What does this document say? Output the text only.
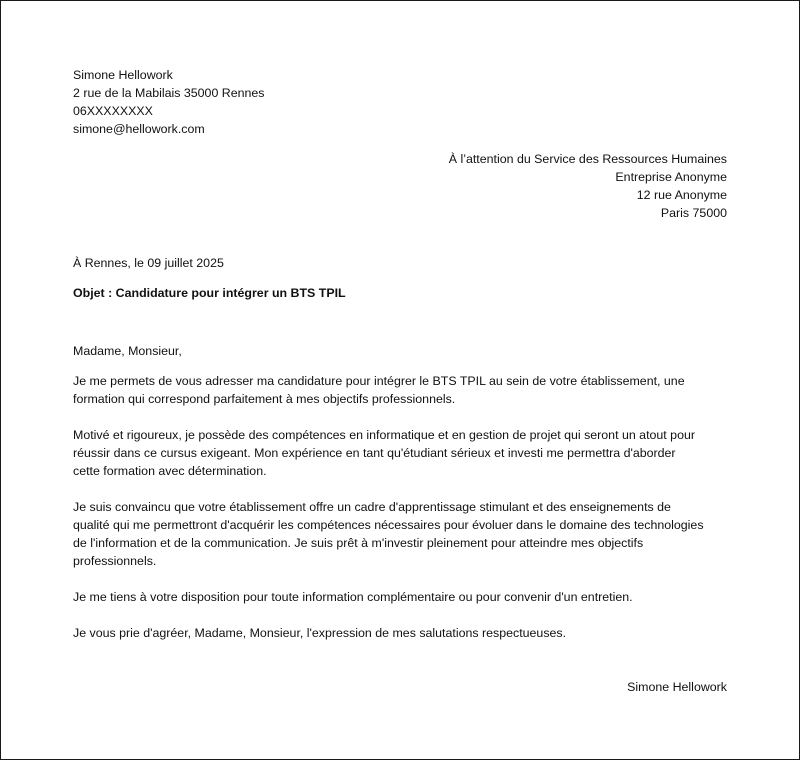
Simone Hellowork
2 rue de la Mabilais 35000 Rennes
06XXXXXXXX
simone@hellowork.com
À l’attention du Service des Ressources Humaines
Entreprise Anonyme
12 rue Anonyme
Paris 75000
À Rennes, le 09 juillet 2025
Objet : Candidature pour intégrer un BTS TPIL
Madame, Monsieur,

Je me permets de vous adresser ma candidature pour intégrer le BTS TPIL au sein de votre établissement, une
formation qui correspond parfaitement à mes objectifs professionnels.

Motivé et rigoureux, je possède des compétences en informatique et en gestion de projet qui seront un atout pour
réussir dans ce cursus exigeant. Mon expérience en tant qu'étudiant sérieux et investi me permettra d'aborder
cette formation avec détermination.

Je suis convaincu que votre établissement offre un cadre d'apprentissage stimulant et des enseignements de
qualité qui me permettront d'acquérir les compétences nécessaires pour évoluer dans le domaine des technologies
de l'information et de la communication. Je suis prêt à m'investir pleinement pour atteindre mes objectifs
professionnels.

Je me tiens à votre disposition pour toute information complémentaire ou pour convenir d'un entretien.

Je vous prie d'agréer, Madame, Monsieur, l'expression de mes salutations respectueuses.

Simone Hellowork
